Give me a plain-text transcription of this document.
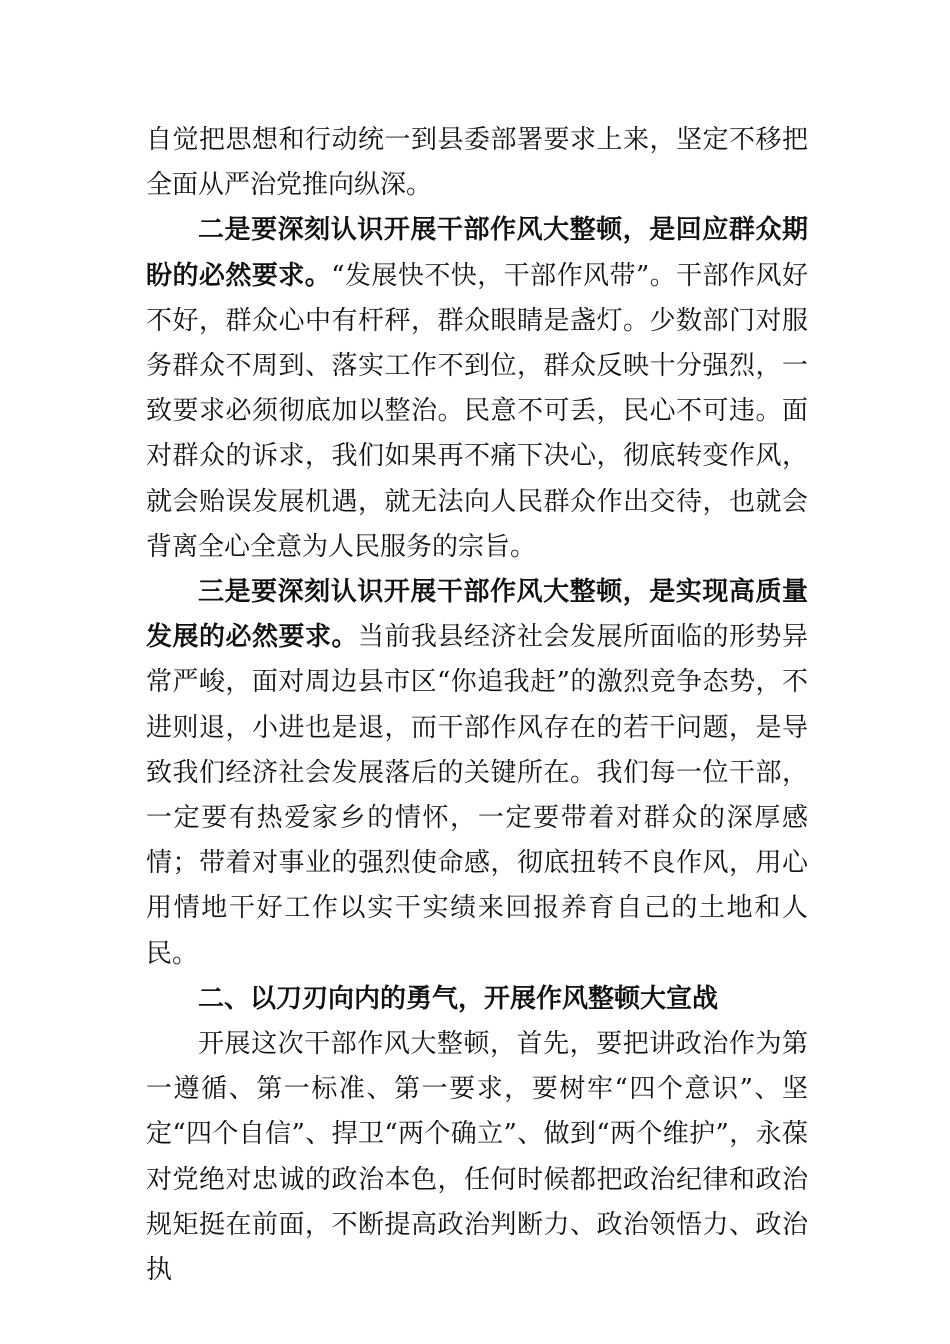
自觉把思想和行动统一到县委部署要求上来，坚定不移把全面从严治党推向纵深。

二是要深刻认识开展干部作风大整顿，是回应群众期盼的必然要求。“发展快不快，干部作风带”。干部作风好不好，群众心中有杆秤，群众眼睛是盏灯。少数部门对服务群众不周到、落实工作不到位，群众反映十分强烈，一致要求必须彻底加以整治。民意不可丢，民心不可违。面对群众的诉求，我们如果再不痛下决心，彻底转变作风，就会贻误发展机遇，就无法向人民群众作出交待，也就会背离全心全意为人民服务的宗旨。

三是要深刻认识开展干部作风大整顿，是实现高质量发展的必然要求。当前我县经济社会发展所面临的形势异常严峻，面对周边县市区“你追我赶”的激烈竞争态势，不进则退，小进也是退，而干部作风存在的若干问题，是导致我们经济社会发展落后的关键所在。我们每一位干部，一定要有热爱家乡的情怀，一定要带着对群众的深厚感情；带着对事业的强烈使命感，彻底扭转不良作风，用心用情地干好工作以实干实绩来回报养育自己的土地和人民。

二、以刀刃向内的勇气，开展作风整顿大宣战

开展这次干部作风大整顿，首先，要把讲政治作为第一遵循、第一标准、第一要求，要树牢“四个意识”、坚定“四个自信”、捍卫“两个确立”、做到“两个维护”，永葆对党绝对忠诚的政治本色，任何时候都把政治纪律和政治规矩挺在前面，不断提高政治判断力、政治领悟力、政治执
